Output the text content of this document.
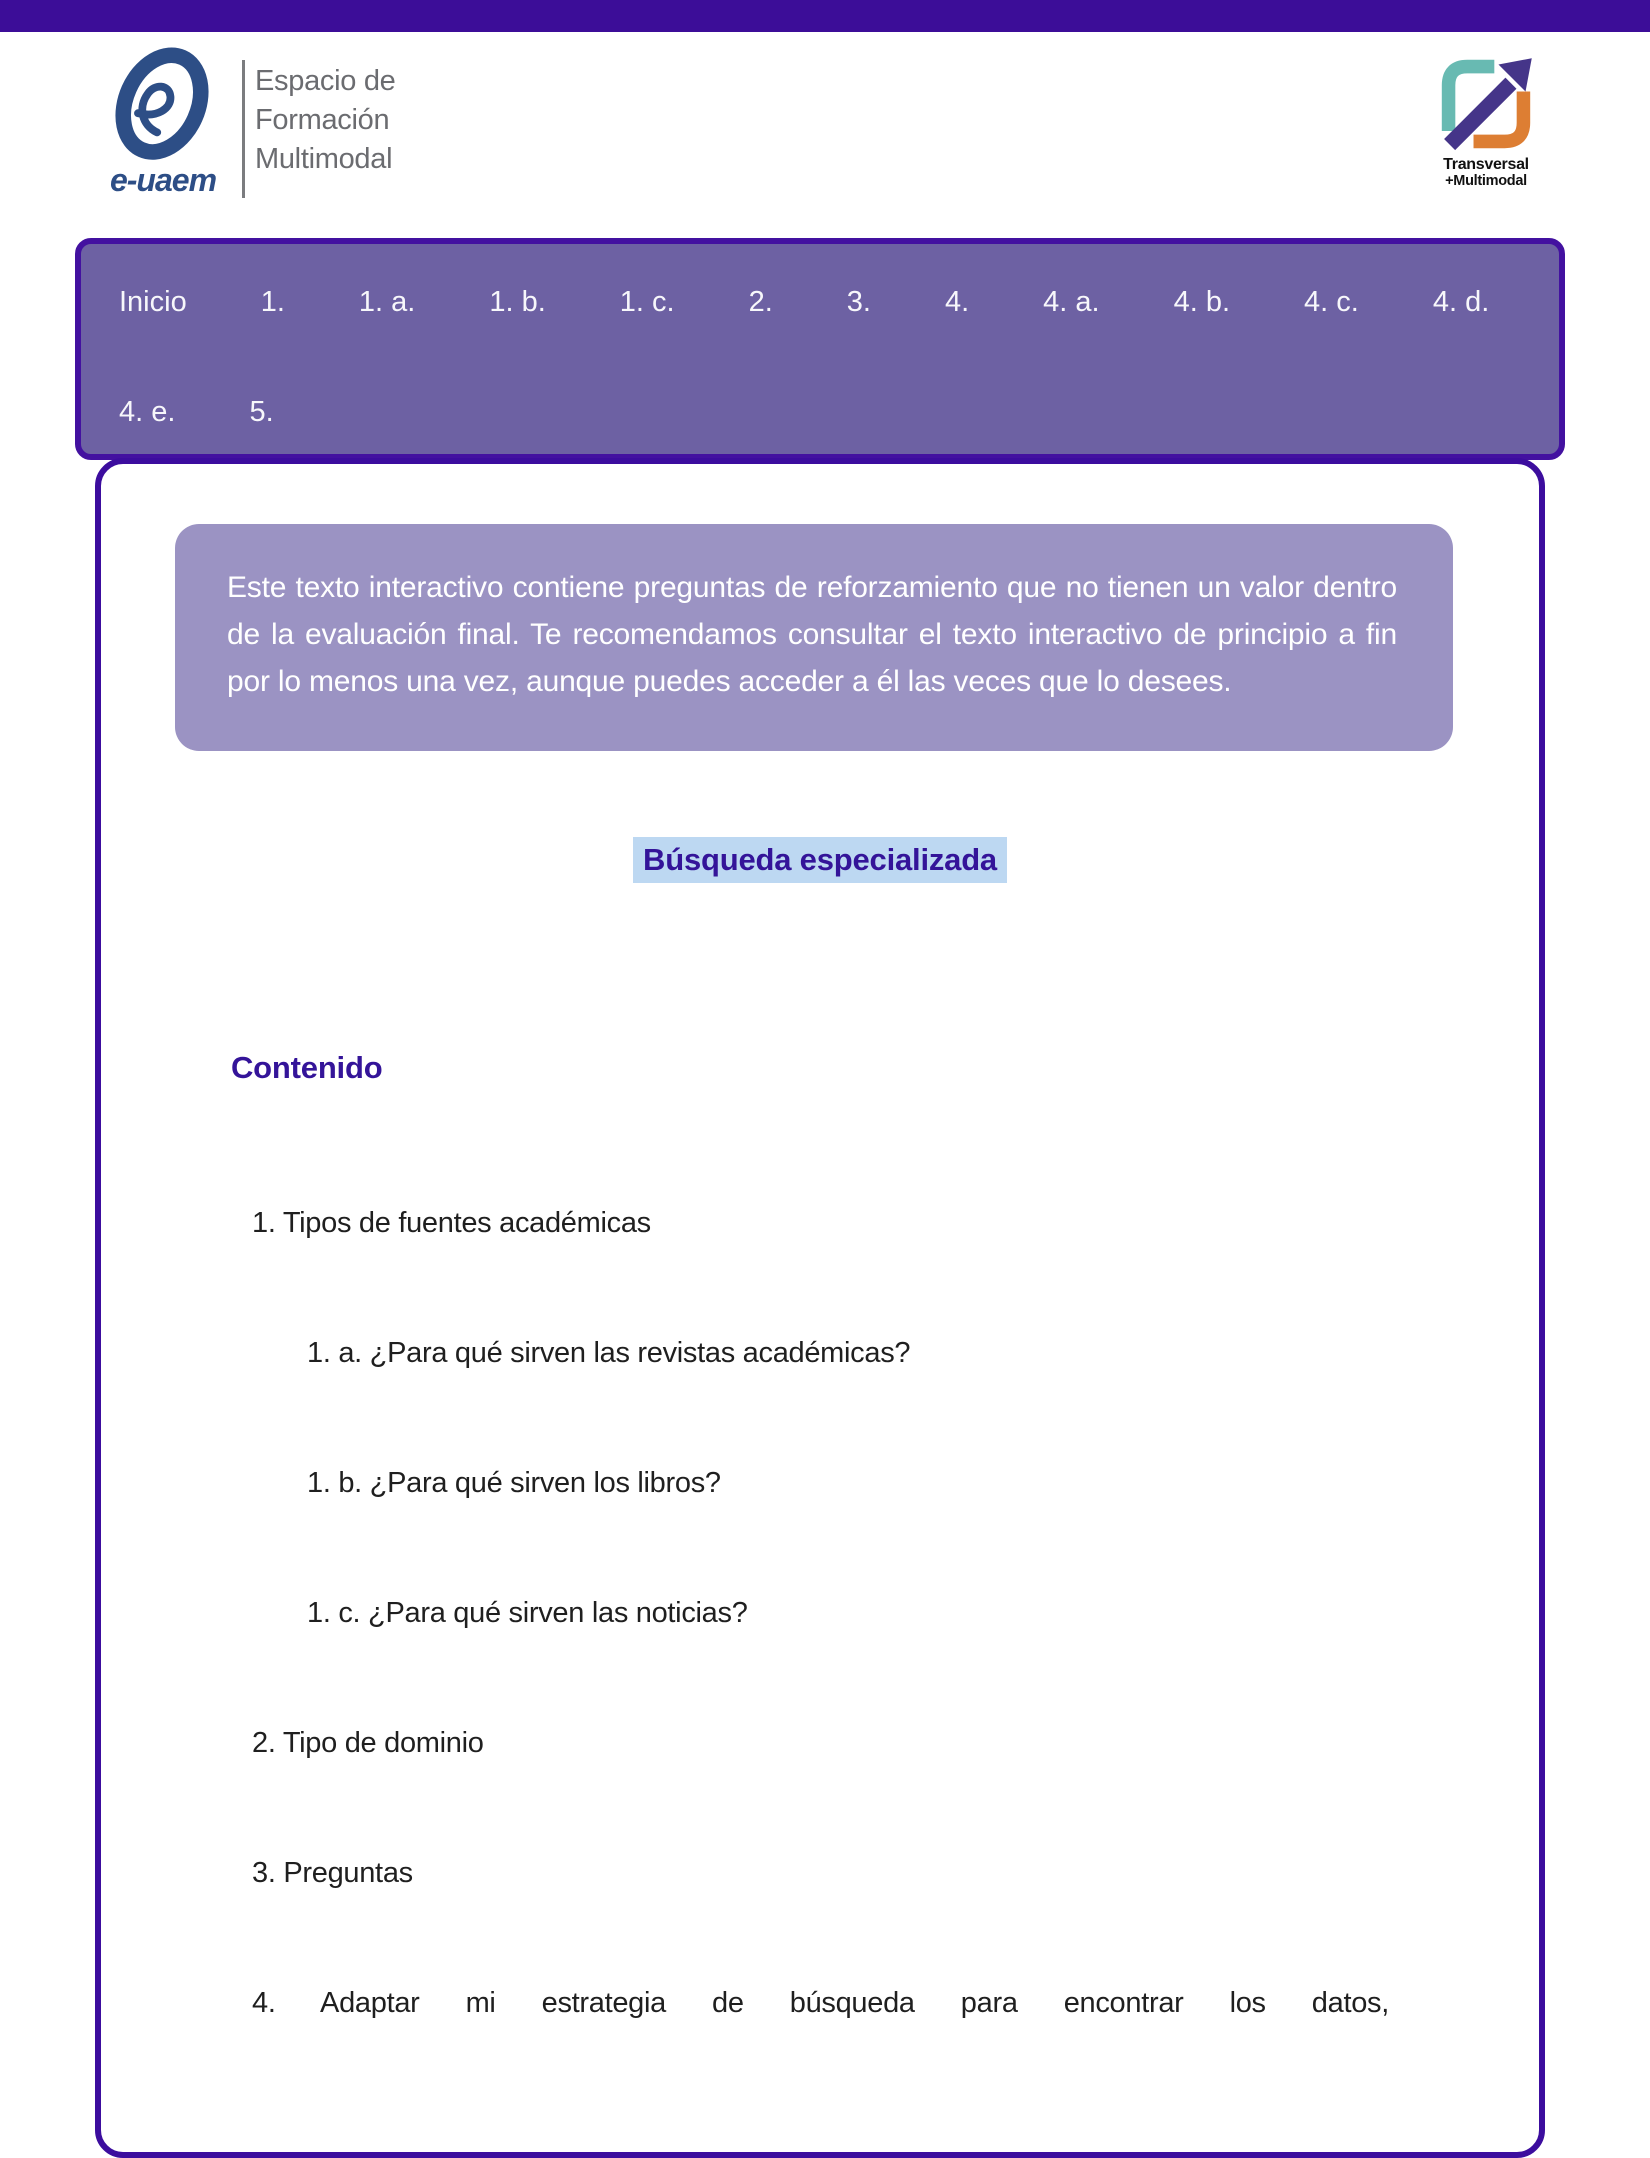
e-uaem
Espacio de
Formación
Multimodal	Transversal
+Multimodal
Inicio	1.	1. a.	1. b.	1. c.	2.	3.	4.	4. a.	4. b.	4. c.	4. d.
4. e.	5.
Este texto interactivo contiene preguntas de reforzamiento que no tienen un valor dentro de la evaluación final. Te recomendamos consultar el texto interactivo de principio a fin por lo menos una vez, aunque puedes acceder a él las veces que lo desees.
Búsqueda especializada
Contenido
1. Tipos de fuentes académicas
1. a. ¿Para qué sirven las revistas académicas?
1. b. ¿Para qué sirven los libros?
1. c. ¿Para qué sirven las noticias?
2. Tipo de dominio
3. Preguntas
4. Adaptar mi estrategia de búsqueda para encontrar los datos,
